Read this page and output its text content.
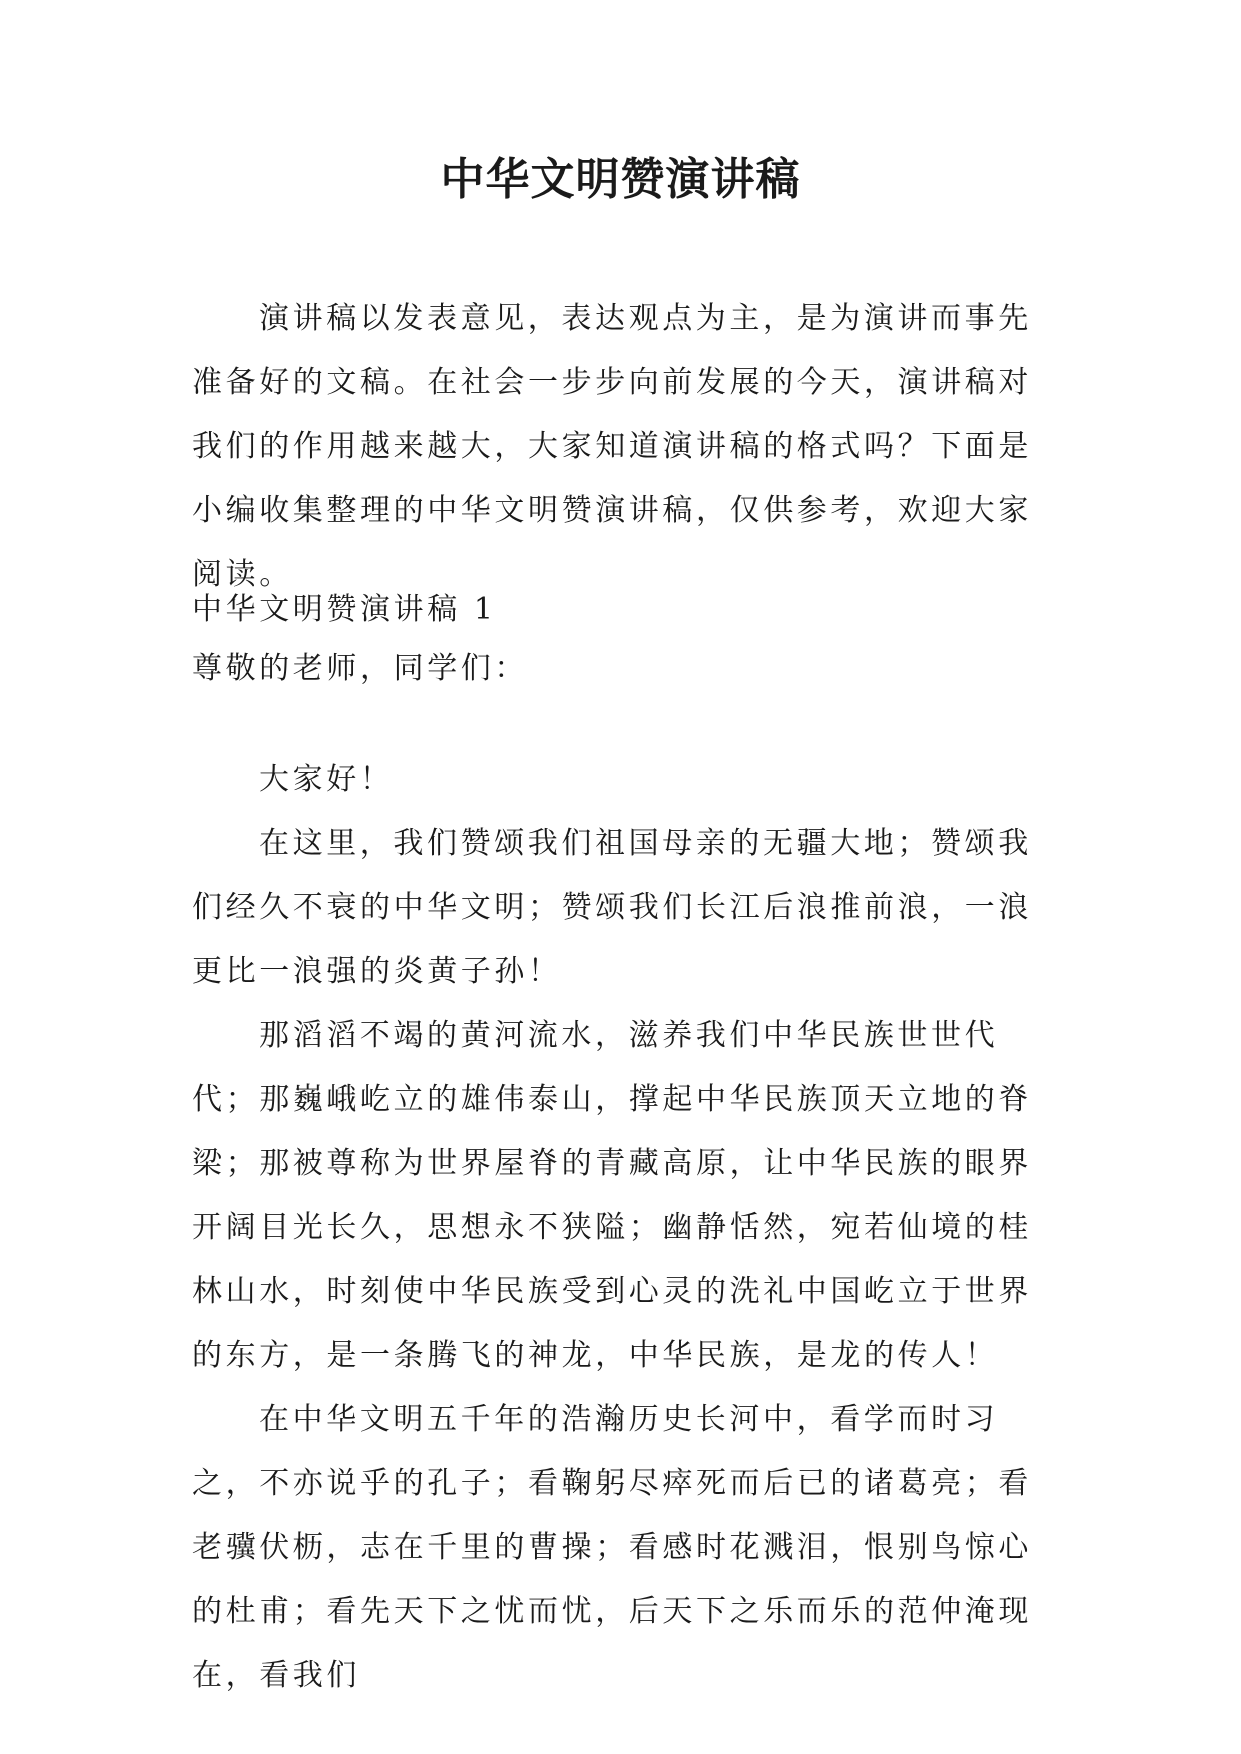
中华文明赞演讲稿

演讲稿以发表意见，表达观点为主，是为演讲而事先准备好的文稿。在社会一步步向前发展的今天，演讲稿对我们的作用越来越大，大家知道演讲稿的格式吗？下面是小编收集整理的中华文明赞演讲稿，仅供参考，欢迎大家阅读。

中华文明赞演讲稿 1

尊敬的老师，同学们：

大家好！

在这里，我们赞颂我们祖国母亲的无疆大地；赞颂我们经久不衰的中华文明；赞颂我们长江后浪推前浪，一浪更比一浪强的炎黄子孙！

那滔滔不竭的黄河流水，滋养我们中华民族世世代代；那巍峨屹立的雄伟泰山，撑起中华民族顶天立地的脊梁；那被尊称为世界屋脊的青藏高原，让中华民族的眼界开阔目光长久，思想永不狭隘；幽静恬然，宛若仙境的桂林山水，时刻使中华民族受到心灵的洗礼中国屹立于世界的东方，是一条腾飞的神龙，中华民族，是龙的传人！

在中华文明五千年的浩瀚历史长河中，看学而时习之，不亦说乎的孔子；看鞠躬尽瘁死而后已的诸葛亮；看老骥伏枥，志在千里的曹操；看感时花溅泪，恨别鸟惊心的杜甫；看先天下之忧而忧，后天下之乐而乐的范仲淹现在，看我们
